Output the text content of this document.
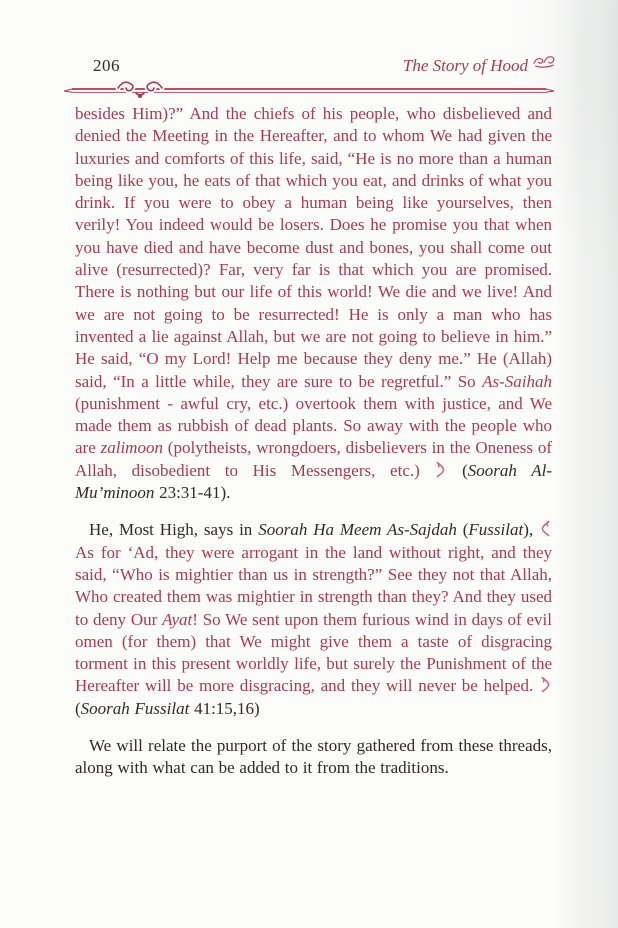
206	The Story of Hood

besides Him)?” And the chiefs of his people, who disbelieved and denied the Meeting in the Hereafter, and to whom We had given the luxuries and comforts of this life, said, “He is no more than a human being like you, he eats of that which you eat, and drinks of what you drink. If you were to obey a human being like yourselves, then verily! You indeed would be losers. Does he promise you that when you have died and have become dust and bones, you shall come out alive (resurrected)? Far, very far is that which you are promised. There is nothing but our life of this world! We die and we live! And we are not going to be resurrected! He is only a man who has invented a lie against Allah, but we are not going to believe in him.” He said, “O my Lord! Help me because they deny me.” He (Allah) said, “In a little while, they are sure to be regretful.” So As-Saihah (punishment - awful cry, etc.) overtook them with justice, and We made them as rubbish of dead plants. So away with the people who are zalimoon (polytheists, wrongdoers, disbelievers in the Oneness of Allah, disobedient to His Messengers, etc.)  (Soorah Al-Mu’minoon 23:31-41).

He, Most High, says in Soorah Ha Meem As-Sajdah (Fussilat),  As for ‘Ad, they were arrogant in the land without right, and they said, “Who is mightier than us in strength?” See they not that Allah, Who created them was mightier in strength than they? And they used to deny Our Ayat! So We sent upon them furious wind in days of evil omen (for them) that We might give them a taste of disgracing torment in this present worldly life, but surely the Punishment of the Hereafter will be more disgracing, and they will never be helped.  (Soorah Fussilat 41:15,16)

We will relate the purport of the story gathered from these threads, along with what can be added to it from the traditions.
